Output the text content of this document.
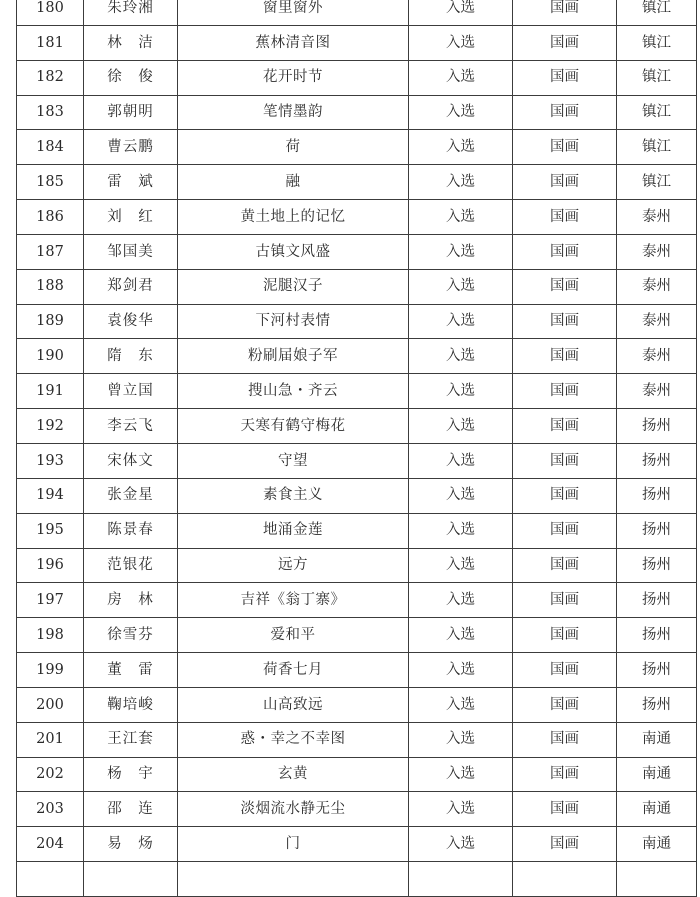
180	朱玲湘	窗里窗外	入选	国画	镇江
181	林　洁	蕉林清音图	入选	国画	镇江
182	徐　俊	花开时节	入选	国画	镇江
183	郭朝明	笔情墨韵	入选	国画	镇江
184	曹云鹏	荷	入选	国画	镇江
185	雷　斌	融	入选	国画	镇江
186	刘　红	黄土地上的记忆	入选	国画	泰州
187	邹国美	古镇文风盛	入选	国画	泰州
188	郑剑君	泥腿汉子	入选	国画	泰州
189	袁俊华	下河村表情	入选	国画	泰州
190	隋　东	粉刷届娘子军	入选	国画	泰州
191	曾立国	搜山急・齐云	入选	国画	泰州
192	李云飞	天寒有鹤守梅花	入选	国画	扬州
193	宋体文	守望	入选	国画	扬州
194	张金星	素食主义	入选	国画	扬州
195	陈景春	地涌金莲	入选	国画	扬州
196	范银花	远方	入选	国画	扬州
197	房　林	吉祥《翁丁寨》	入选	国画	扬州
198	徐雪芬	爱和平	入选	国画	扬州
199	董　雷	荷香七月	入选	国画	扬州
200	鞠培峻	山高致远	入选	国画	扬州
201	王江套	惑・幸之不幸图	入选	国画	南通
202	杨　宇	玄黄	入选	国画	南通
203	邵　连	淡烟流水静无尘	入选	国画	南通
204	易　炀	门	入选	国画	南通
